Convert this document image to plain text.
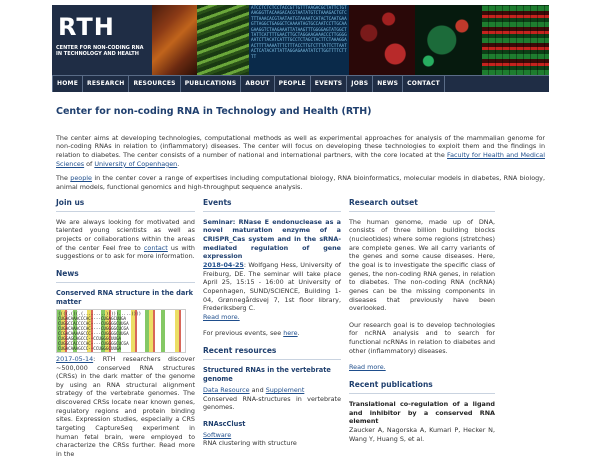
RTH
CENTER FOR NON-CODING RNA IN TECHNOLOGY AND HEALTH
ATCCTCTCTCCTACCGTTGTTTAAGACGCTATTCTGTAAGGGTTACAAGACACGTAATATGTCTAAAGACTGTCTTTAAACACGTAATAATGTAAAATCATACTCAATGAAGTTAGGCTGAGGCTCAAAATAGTGCCAATCCTTGCAAGAAGGTCTAAGAAATTATAAGTTTGGGGAGTATGGCTTATTCATTTTGAACTTGCTAGGAAGAAACCCTTGGGGAATCTTACATCATTTGCCTCTAGCTACTTCTAAAGGAACTTTTAAAATTTCTTTACCTTGTCTTTATTCTTAATACTCATACATTATTAGGAGAAATATCTTGGTTTTCTTTT
HOME	RESEARCH	RESOURCES	PUBLICATIONS	ABOUT	PEOPLE	EVENTS	JOBS	NEWS	CONTACT
Center for non-coding RNA in Technology and Health (RTH)

The center aims at developing technologies, computational methods as well as experimental approaches for analysis of the mammalian genome for non-coding RNAs in relation to (inflammatory) diseases. The center will focus on developing these technologies to exploit them and the findings in relation to diabetes. The center consists of a number of national and international partners, with the core located at the Faculty for Health and Medical Sciences of University of Copenhagen.

The people in the center cover a range of expertises including computational biology, RNA bioinformatics, molecular models in diabetes, RNA biology, animal models, functional genomics and high-throughput sequence analysis.

Join us
We are always looking for motivated and talented young scientists as well as projects or collaborations within the areas of the center Feel free to contact us with suggestions or to ask for more information.
News
Conserved RNA structure in the dark matter
((((.(((.(.........))))).....))))
CUGACAAACCCAC----CUGAGCUUGA
CUGGCCACCCCAC----CUGGGGCUUGA
CUGACAAACCCAC----CUGGGGCUCGA
CCGACAAAAGCCC----CUGGGGCUUGA
CUGGAGCAGCCC--CCUGGGCUUGA
CUGGCCACCCCAC----CUGGGGCUCGA
CUGACAAAGCCC--CCUGGGCUUGA
2017-05-14: RTH researchers discover ~500,000 conserved RNA structures (CRSs) in the dark matter of the genome by using an RNA structural alignment strategy of the vertebrate genomes. The discovered CRSs locate near known genes, regulatory regions and protein binding sites. Expression studies, especially a CRS targeting CaptureSeq experiment in human fetal brain, were employed to characterize the CRSs further. Read more in the
Events
Seminar: RNase E endonuclease as a novel maturation enzyme of a CRISPR_Cas system and in the sRNA-mediated regulation of gene expression
2018-04-25: Wolfgang Hess, University of Freiburg, DE. The seminar will take place April 25, 15:15 - 16:00 at University of Copenhagen, SUND/SCIENCE, Building 1-04, Grønnegårdsvej 7, 1st floor library, Frederiksberg C.
Read more.
For previous events, see here.
Recent resources
Structured RNAs in the vertebrate genome
Data Resource and Supplement
Conserved RNA-structures in vertebrate genomes.
RNAscClust
Software
RNA clustering with structure
Research outset
The human genome, made up of DNA, consists of three billion building blocks (nucleotides) where some regions (stretches) are complete genes. We all carry variants of the genes and some cause diseases. Here, the goal is to investigate the specific class of genes, the non-coding RNA genes, in relation to diabetes. The non-coding RNA (ncRNA) genes can be the missing components in diseases that previously have been overlooked.
Our research goal is to develop technologies for ncRNA analysis and to search for functional ncRNAs in relation to diabetes and other (inflammatory) diseases.
Read more.
Recent publications
Translational co-regulation of a ligand and inhibitor by a conserved RNA element
Zaucker A, Nagorska A, Kumari P, Hecker N, Wang Y, Huang S, et al.
